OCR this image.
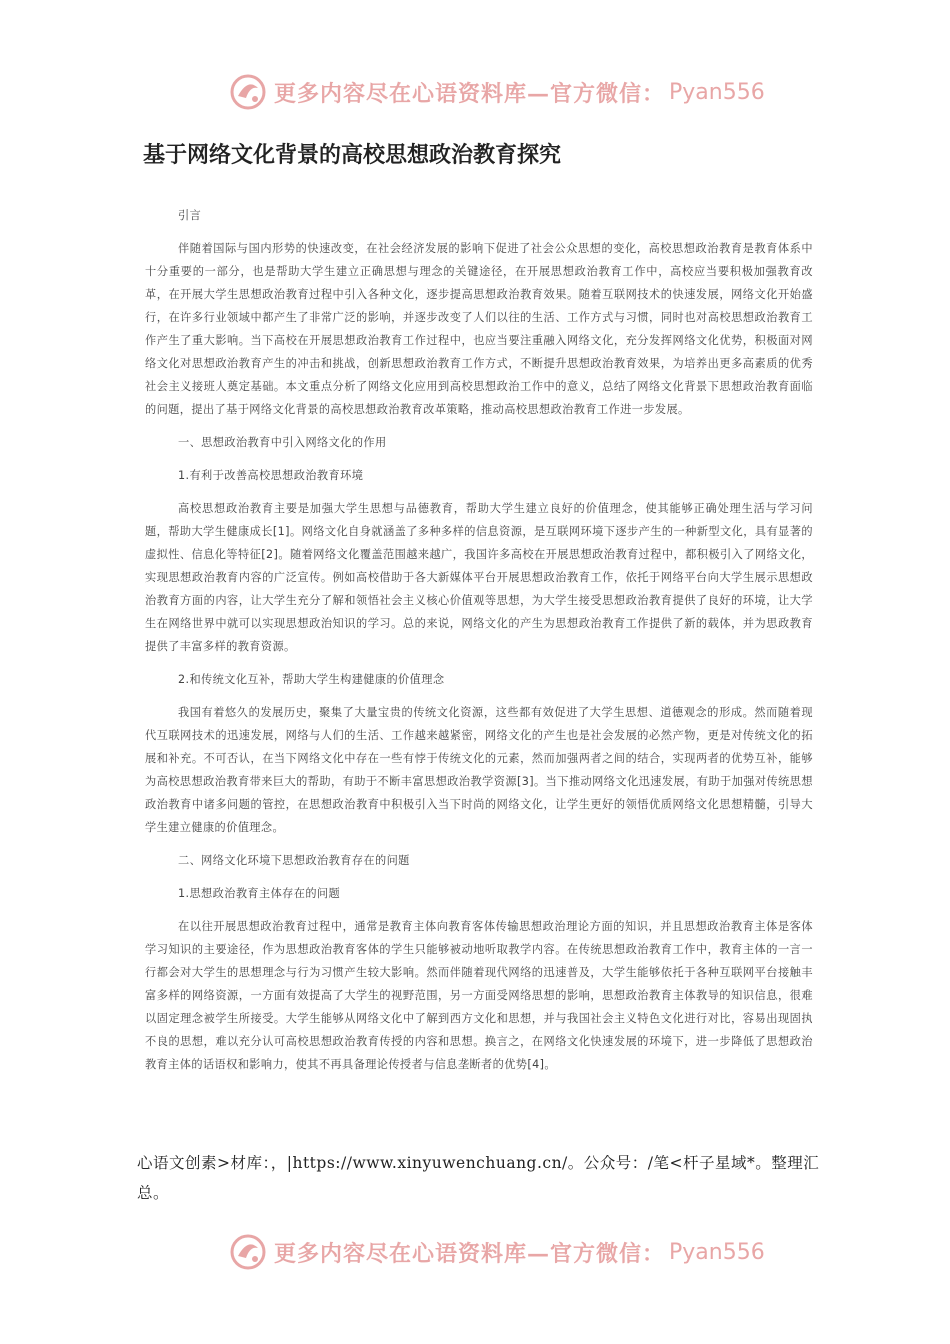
更多内容尽在心语资料库—官方微信： Pyan556
基于网络文化背景的高校思想政治教育探究

引言

伴随着国际与国内形势的快速改变，在社会经济发展的影响下促进了社会公众思想的变化，高校思想政治教育是教育体系中十分重要的一部分，也是帮助大学生建立正确思想与理念的关键途径，在开展思想政治教育工作中，高校应当要积极加强教育改革，在开展大学生思想政治教育过程中引入各种文化，逐步提高思想政治教育效果。随着互联网技术的快速发展，网络文化开始盛行，在许多行业领域中都产生了非常广泛的影响，并逐步改变了人们以往的生活、工作方式与习惯，同时也对高校思想政治教育工作产生了重大影响。当下高校在开展思想政治教育工作过程中，也应当要注重融入网络文化，充分发挥网络文化优势，积极面对网络文化对思想政治教育产生的冲击和挑战，创新思想政治教育工作方式，不断提升思想政治教育效果，为培养出更多高素质的优秀社会主义接班人奠定基础。本文重点分析了网络文化应用到高校思想政治工作中的意义，总结了网络文化背景下思想政治教育面临的问题，提出了基于网络文化背景的高校思想政治教育改革策略，推动高校思想政治教育工作进一步发展。

一、思想政治教育中引入网络文化的作用

1.有利于改善高校思想政治教育环境

高校思想政治教育主要是加强大学生思想与品德教育，帮助大学生建立良好的价值理念，使其能够正确处理生活与学习问题，帮助大学生健康成长[1]。网络文化自身就涵盖了多种多样的信息资源，是互联网环境下逐步产生的一种新型文化，具有显著的虚拟性、信息化等特征[2]。随着网络文化覆盖范围越来越广，我国许多高校在开展思想政治教育过程中，都积极引入了网络文化，实现思想政治教育内容的广泛宣传。例如高校借助于各大新媒体平台开展思想政治教育工作，依托于网络平台向大学生展示思想政治教育方面的内容，让大学生充分了解和领悟社会主义核心价值观等思想，为大学生接受思想政治教育提供了良好的环境，让大学生在网络世界中就可以实现思想政治知识的学习。总的来说，网络文化的产生为思想政治教育工作提供了新的载体，并为思政教育提供了丰富多样的教育资源。

2.和传统文化互补，帮助大学生构建健康的价值理念

我国有着悠久的发展历史，聚集了大量宝贵的传统文化资源，这些都有效促进了大学生思想、道德观念的形成。然而随着现代互联网技术的迅速发展，网络与人们的生活、工作越来越紧密，网络文化的产生也是社会发展的必然产物，更是对传统文化的拓展和补充。不可否认，在当下网络文化中存在一些有悖于传统文化的元素，然而加强两者之间的结合，实现两者的优势互补，能够为高校思想政治教育带来巨大的帮助，有助于不断丰富思想政治教学资源[3]。当下推动网络文化迅速发展，有助于加强对传统思想政治教育中诸多问题的管控，在思想政治教育中积极引入当下时尚的网络文化，让学生更好的领悟优质网络文化思想精髓，引导大学生建立健康的价值理念。

二、网络文化环境下思想政治教育存在的问题

1.思想政治教育主体存在的问题

在以往开展思想政治教育过程中，通常是教育主体向教育客体传输思想政治理论方面的知识，并且思想政治教育主体是客体学习知识的主要途径，作为思想政治教育客体的学生只能够被动地听取教学内容。在传统思想政治教育工作中，教育主体的一言一行都会对大学生的思想理念与行为习惯产生较大影响。然而伴随着现代网络的迅速普及，大学生能够依托于各种互联网平台接触丰富多样的网络资源，一方面有效提高了大学生的视野范围，另一方面受网络思想的影响，思想政治教育主体教导的知识信息，很难以固定理念被学生所接受。大学生能够从网络文化中了解到西方文化和思想，并与我国社会主义特色文化进行对比，容易出现固执不良的思想，难以充分认可高校思想政治教育传授的内容和思想。换言之，在网络文化快速发展的环境下，进一步降低了思想政治教育主体的话语权和影响力，使其不再具备理论传授者与信息垄断者的优势[4]。

心语文创素>材库：，|https://www.xinyuwenchuang.cn/。公众号：/笔<杆子星域*。整理汇总。

更多内容尽在心语资料库—官方微信： Pyan556
